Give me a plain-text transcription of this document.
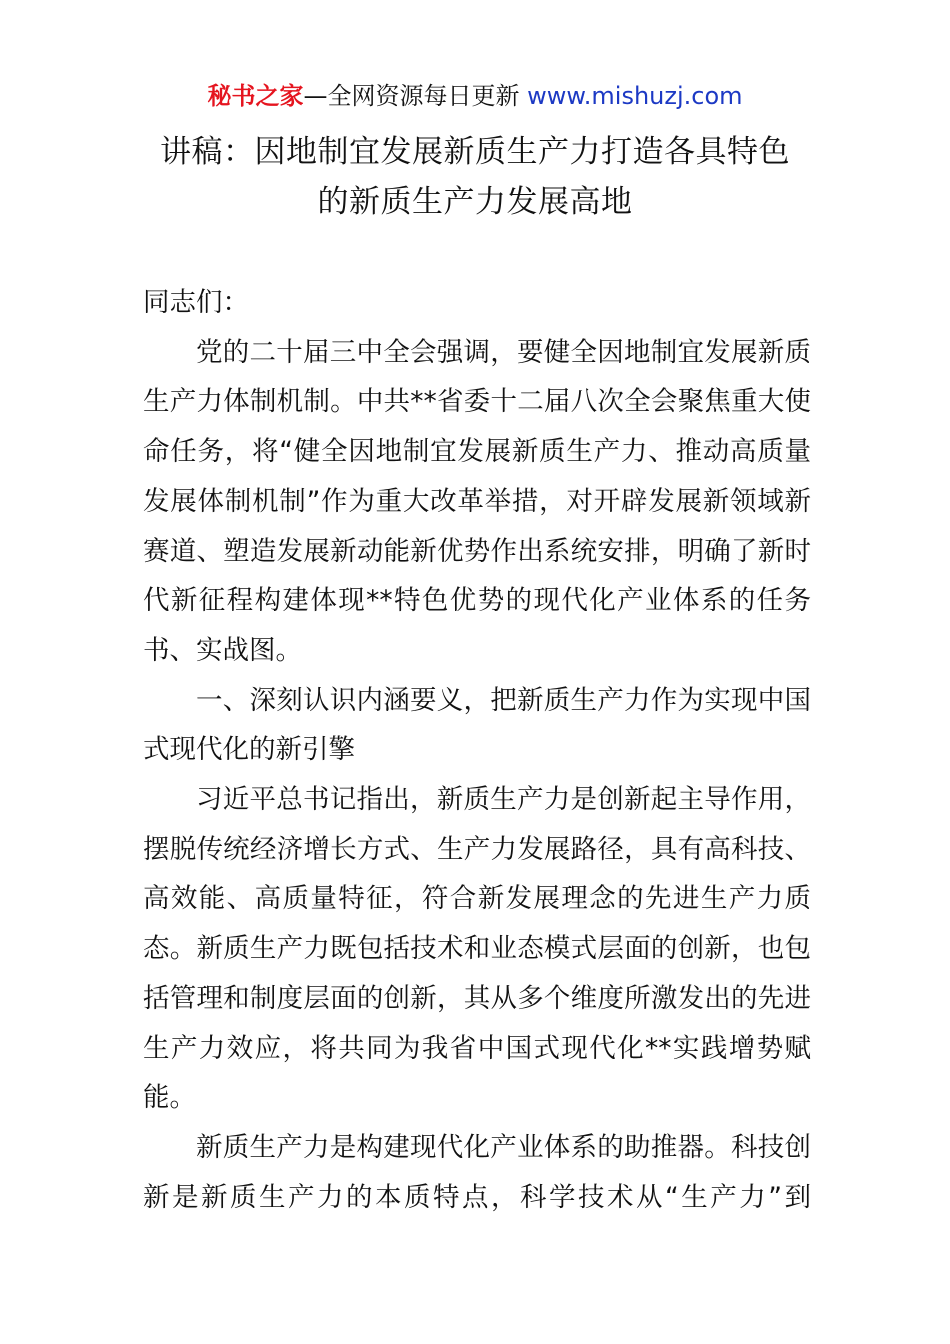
秘书之家—全网资源每日更新 www.mishuzj.com
讲稿：因地制宜发展新质生产力打造各具特色
的新质生产力发展高地

同志们：

党的二十届三中全会强调，要健全因地制宜发展新质
生产力体制机制。中共**省委十二届八次全会聚焦重大使
命任务，将“健全因地制宜发展新质生产力、推动高质量
发展体制机制”作为重大改革举措，对开辟发展新领域新
赛道、塑造发展新动能新优势作出系统安排，明确了新时
代新征程构建体现**特色优势的现代化产业体系的任务
书、实战图。

一、深刻认识内涵要义，把新质生产力作为实现中国
式现代化的新引擎

习近平总书记指出，新质生产力是创新起主导作用，
摆脱传统经济增长方式、生产力发展路径，具有高科技、
高效能、高质量特征，符合新发展理念的先进生产力质
态。新质生产力既包括技术和业态模式层面的创新，也包
括管理和制度层面的创新，其从多个维度所激发出的先进
生产力效应，将共同为我省中国式现代化**实践增势赋
能。

新质生产力是构建现代化产业体系的助推器。科技创
新是新质生产力的本质特点，科学技术从“生产力”到
